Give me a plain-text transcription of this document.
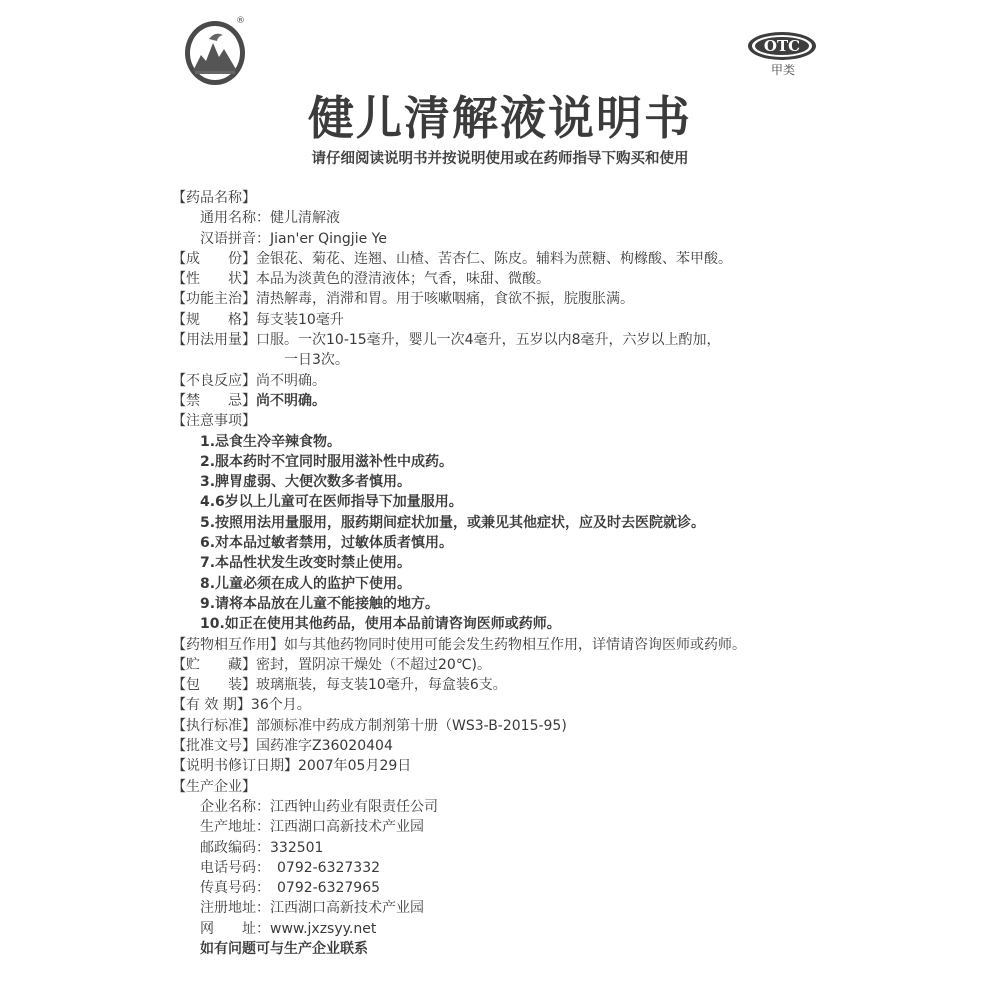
®
OTC
甲类
健儿清解液说明书
请仔细阅读说明书并按说明使用或在药师指导下购买和使用
【药品名称】
通用名称：健儿清解液
汉语拼音：Jian'er Qingjie Ye
【成　　份】金银花、菊花、连翘、山楂、苦杏仁、陈皮。辅料为蔗糖、枸橼酸、苯甲酸。
【性　　状】本品为淡黄色的澄清液体；气香，味甜、微酸。
【功能主治】清热解毒，消滞和胃。用于咳嗽咽痛，食欲不振，脘腹胀满。
【规　　格】每支装10毫升
【用法用量】口服。一次10-15毫升，婴儿一次4毫升，五岁以内8毫升，六岁以上酌加，
一日3次。
【不良反应】尚不明确。
【禁　　忌】尚不明确。
【注意事项】
1.忌食生冷辛辣食物。
2.服本药时不宜同时服用滋补性中成药。
3.脾胃虚弱、大便次数多者慎用。
4.6岁以上儿童可在医师指导下加量服用。
5.按照用法用量服用，服药期间症状加量，或兼见其他症状，应及时去医院就诊。
6.对本品过敏者禁用，过敏体质者慎用。
7.本品性状发生改变时禁止使用。
8.儿童必须在成人的监护下使用。
9.请将本品放在儿童不能接触的地方。
10.如正在使用其他药品，使用本品前请咨询医师或药师。
【药物相互作用】如与其他药物同时使用可能会发生药物相互作用，详情请咨询医师或药师。
【贮　　藏】密封，置阴凉干燥处（不超过20℃)。
【包　　装】玻璃瓶装，每支装10毫升，每盒装6支。
【有 效 期】36个月。
【执行标准】部颁标准中药成方制剂第十册（WS3-B-2015-95)
【批准文号】国药准字Z36020404
【说明书修订日期】2007年05月29日
【生产企业】
企业名称：江西钟山药业有限责任公司
生产地址：江西湖口高新技术产业园
邮政编码：332501
电话号码：　0792-6327332
传真号码：　0792-6327965
注册地址：江西湖口高新技术产业园
网　　址：www.jxzsyy.net
如有问题可与生产企业联系
